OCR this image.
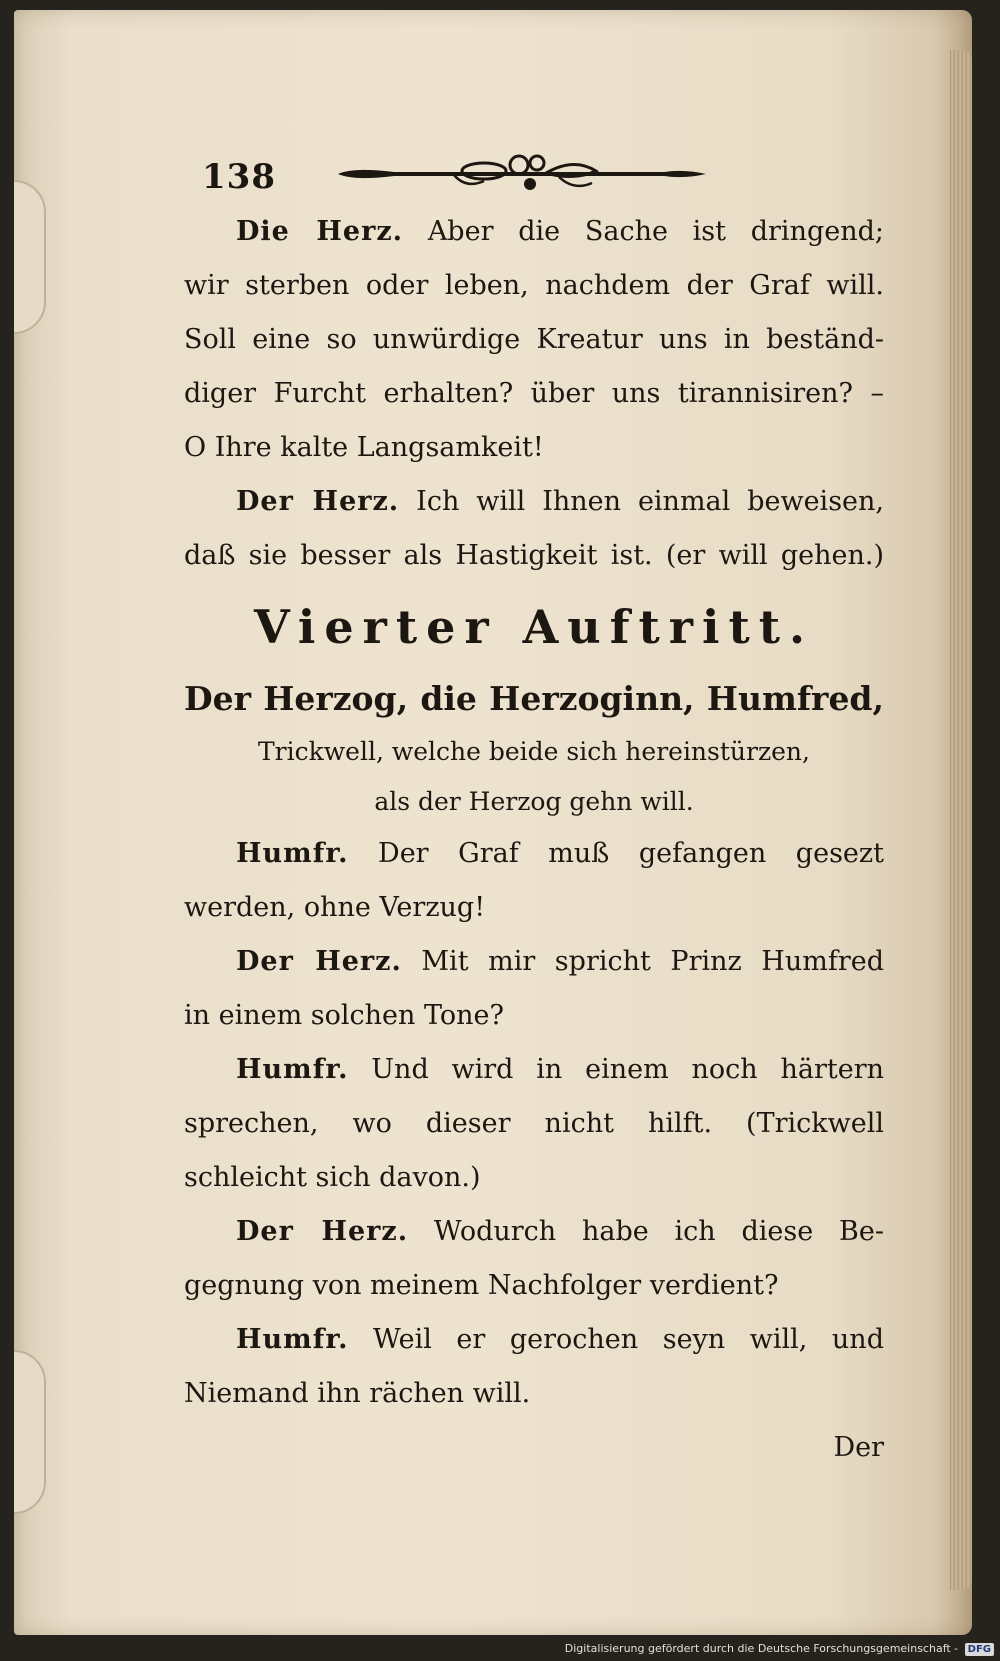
138

Die Herz. Aber die Sache ist dringend;

wir sterben oder leben, nachdem der Graf will.

Soll eine so unwürdige Kreatur uns in beständ-

diger Furcht erhalten? über uns tirannisiren? –

O Ihre kalte Langsamkeit!

Der Herz. Ich will Ihnen einmal beweisen,

daß sie besser als Hastigkeit ist. (er will gehen.)

Vierter Auftritt.
Der Herzog, die Herzoginn, Humfred,
Trickwell, welche beide sich hereinstürzen,
als der Herzog gehn will.

Humfr. Der Graf muß gefangen gesezt

werden, ohne Verzug!

Der Herz. Mit mir spricht Prinz Humfred

in einem solchen Tone?

Humfr. Und wird in einem noch härtern

sprechen, wo dieser nicht hilft. (Trickwell

schleicht sich davon.)

Der Herz. Wodurch habe ich diese Be-

gegnung von meinem Nachfolger verdient?

Humfr. Weil er gerochen seyn will, und

Niemand ihn rächen will.

Der
Digitalisierung gefördert durch die Deutsche Forschungsgemeinschaft - DFG
